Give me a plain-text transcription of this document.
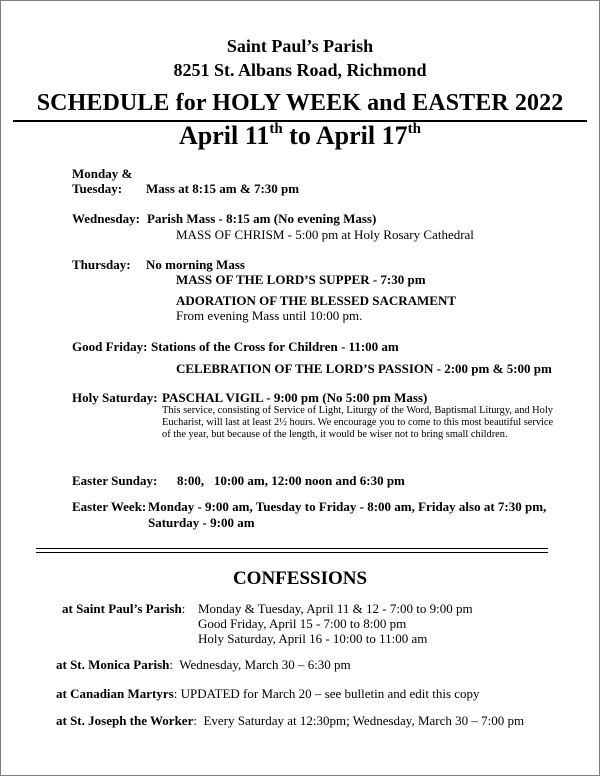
Saint Paul’s Parish
8251 St. Albans Road, Richmond
SCHEDULE for HOLY WEEK and EASTER 2022
April 11th to April 17th
Monday &
Tuesday: Mass at 8:15 am & 7:30 pm
Wednesday: Parish Mass - 8:15 am (No evening Mass)
MASS OF CHRISM - 5:00 pm at Holy Rosary Cathedral
Thursday: No morning Mass
MASS OF THE LORD’S SUPPER - 7:30 pm
ADORATION OF THE BLESSED SACRAMENT
From evening Mass until 10:00 pm.
Good Friday: Stations of the Cross for Children - 11:00 am
CELEBRATION OF THE LORD’S PASSION - 2:00 pm & 5:00 pm
Holy Saturday: PASCHAL VIGIL - 9:00 pm (No 5:00 pm Mass)
This service, consisting of Service of Light, Liturgy of the Word, Baptismal Liturgy, and Holy Eucharist, will last at least 2½ hours. We encourage you to come to this most beautiful service of the year, but because of the length, it would be wiser not to bring small children.
Easter Sunday: 8:00,   10:00 am, 12:00 noon and 6:30 pm
Easter Week: Monday - 9:00 am, Tuesday to Friday - 8:00 am, Friday also at 7:30 pm,
Saturday - 9:00 am
CONFESSIONS
at Saint Paul’s Parish: Monday & Tuesday, April 11 & 12 - 7:00 to 9:00 pm
Good Friday, April 15 - 7:00 to 8:00 pm
Holy Saturday, April 16 - 10:00 to 11:00 am
at St. Monica Parish:  Wednesday, March 30 – 6:30 pm
at Canadian Martyrs: UPDATED for March 20 – see bulletin and edit this copy
at St. Joseph the Worker:  Every Saturday at 12:30pm; Wednesday, March 30 – 7:00 pm
